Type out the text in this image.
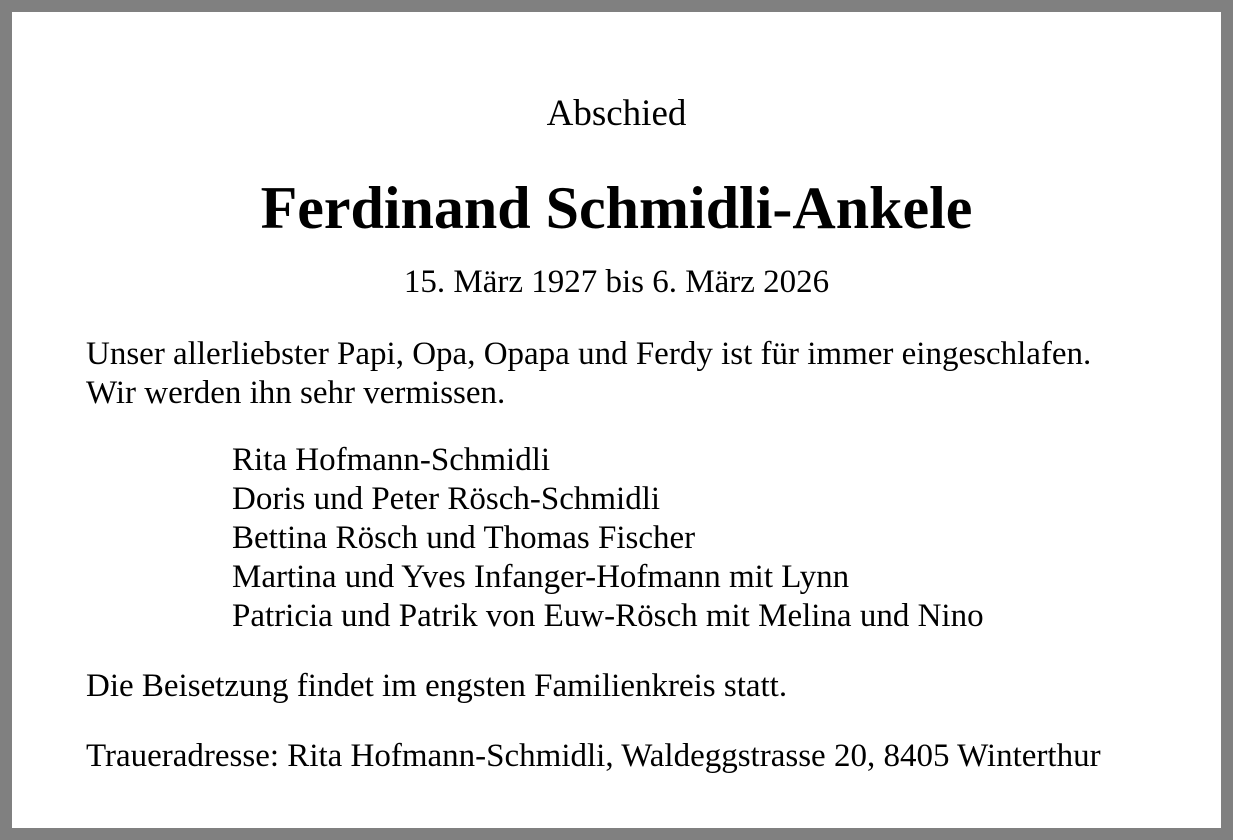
Abschied
Ferdinand Schmidli-Ankele
15. März 1927 bis 6. März 2026
Unser allerliebster Papi, Opa, Opapa und Ferdy ist für immer eingeschlafen.
Wir werden ihn sehr vermissen.
Rita Hofmann-Schmidli
Doris und Peter Rösch-Schmidli
Bettina Rösch und Thomas Fischer
Martina und Yves Infanger-Hofmann mit Lynn
Patricia und Patrik von Euw-Rösch mit Melina und Nino
Die Beisetzung findet im engsten Familienkreis statt.
Traueradresse: Rita Hofmann-Schmidli, Waldeggstrasse 20, 8405 Winterthur
